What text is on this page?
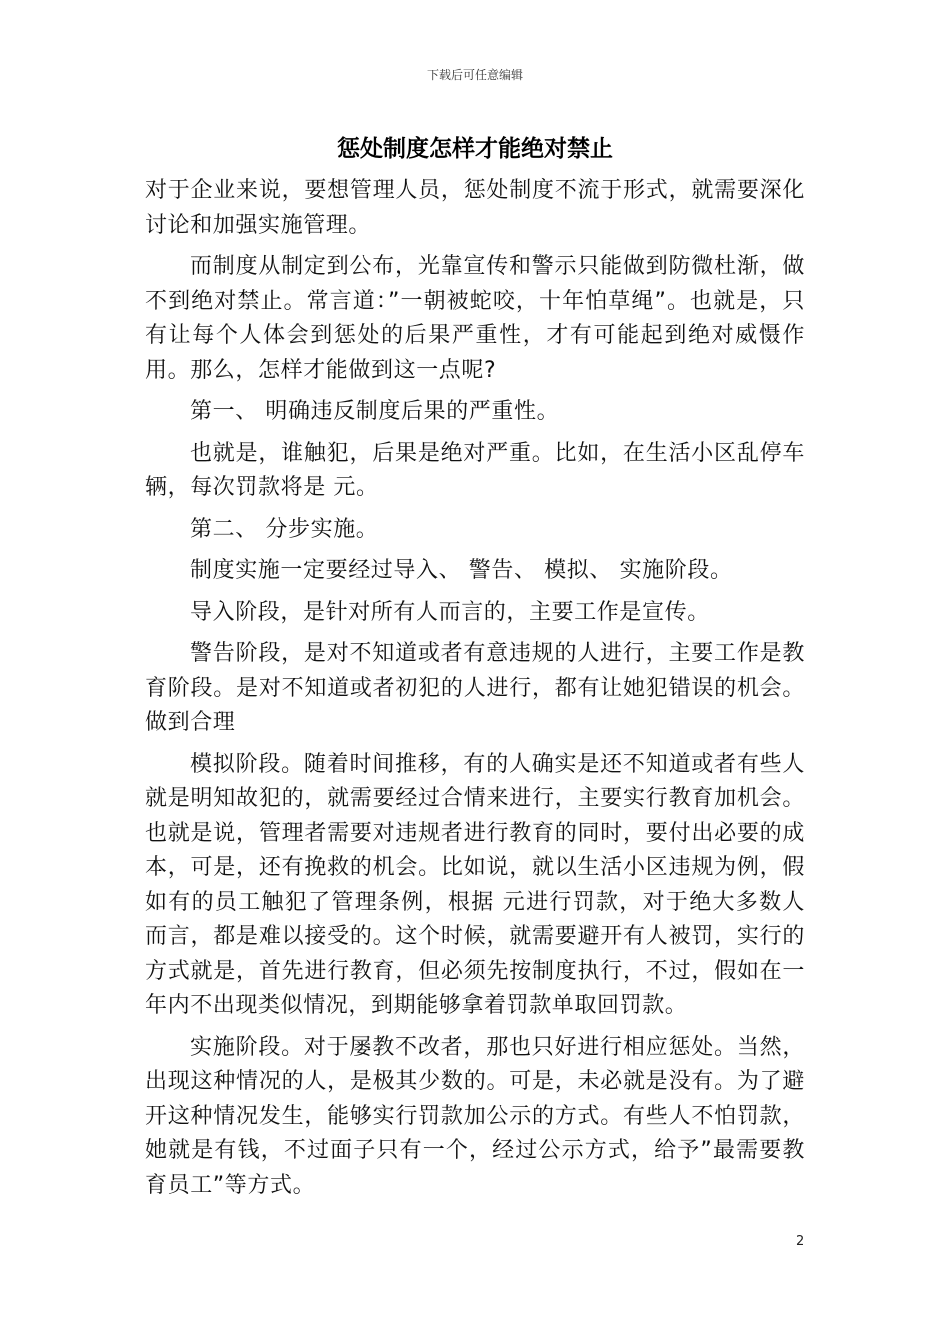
下载后可任意编辑
惩处制度怎样才能绝对禁止

对于企业来说，要想管理人员，惩处制度不流于形式，就需要深化讨论和加强实施管理。

而制度从制定到公布，光靠宣传和警示只能做到防微杜渐，做不到绝对禁止。常言道：”一朝被蛇咬，十年怕草绳”。也就是，只有让每个人体会到惩处的后果严重性，才有可能起到绝对威慑作用。那么，怎样才能做到这一点呢?

第一、 明确违反制度后果的严重性。

也就是，谁触犯，后果是绝对严重。比如，在生活小区乱停车辆，每次罚款将是 元。

第二、 分步实施。

制度实施一定要经过导入、 警告、 模拟、 实施阶段。

导入阶段，是针对所有人而言的，主要工作是宣传。

警告阶段，是对不知道或者有意违规的人进行，主要工作是教育阶段。是对不知道或者初犯的人进行，都有让她犯错误的机会。做到合理

模拟阶段。随着时间推移，有的人确实是还不知道或者有些人就是明知故犯的，就需要经过合情来进行，主要实行教育加机会。也就是说，管理者需要对违规者进行教育的同时，要付出必要的成本，可是，还有挽救的机会。比如说，就以生活小区违规为例，假如有的员工触犯了管理条例，根据 元进行罚款，对于绝大多数人而言，都是难以接受的。这个时候，就需要避开有人被罚，实行的方式就是，首先进行教育，但必须先按制度执行，不过，假如在一年内不出现类似情况，到期能够拿着罚款单取回罚款。

实施阶段。对于屡教不改者，那也只好进行相应惩处。当然，出现这种情况的人，是极其少数的。可是，未必就是没有。为了避开这种情况发生，能够实行罚款加公示的方式。有些人不怕罚款，她就是有钱，不过面子只有一个，经过公示方式，给予”最需要教育员工”等方式。

2
